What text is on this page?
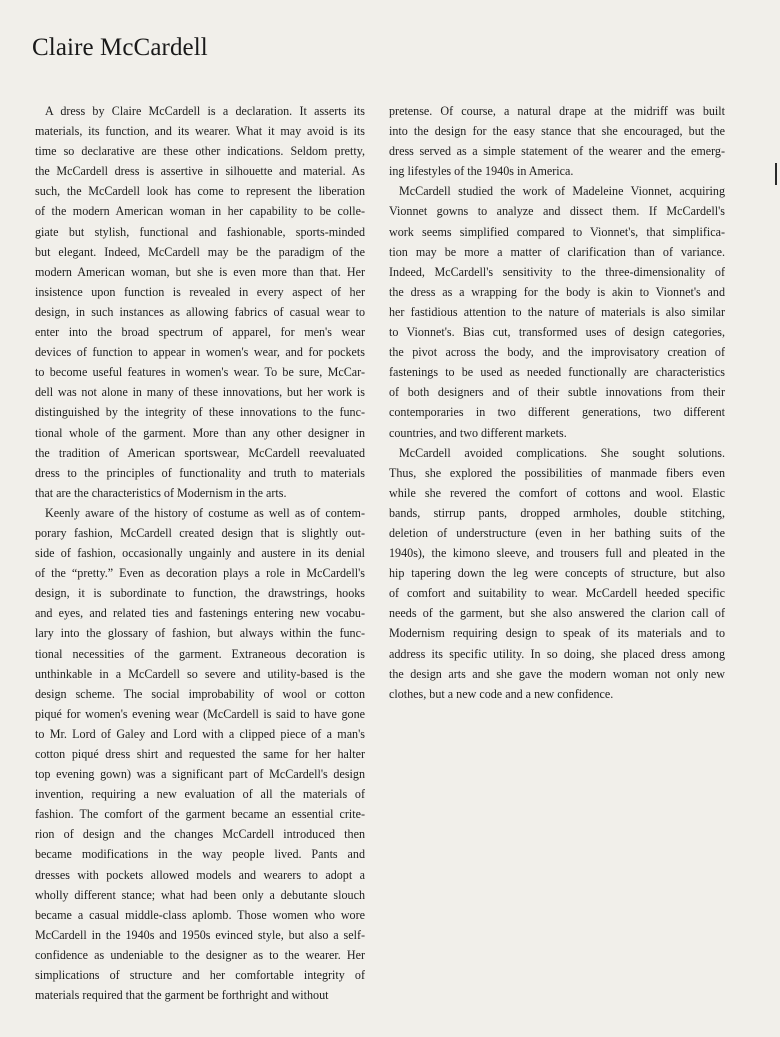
Claire McCardell
A dress by Claire McCardell is a declaration. It asserts its
materials, its function, and its wearer. What it may avoid is its
time so declarative are these other indications. Seldom pretty,
the McCardell dress is assertive in silhouette and material. As
such, the McCardell look has come to represent the liberation
of the modern American woman in her capability to be colle-
giate but stylish, functional and fashionable, sports-minded
but elegant. Indeed, McCardell may be the paradigm of the
modern American woman, but she is even more than that. Her
insistence upon function is revealed in every aspect of her
design, in such instances as allowing fabrics of casual wear to
enter into the broad spectrum of apparel, for men's wear
devices of function to appear in women's wear, and for pockets
to become useful features in women's wear. To be sure, McCar-
dell was not alone in many of these innovations, but her work is
distinguished by the integrity of these innovations to the func-
tional whole of the garment. More than any other designer in
the tradition of American sportswear, McCardell reevaluated
dress to the principles of functionality and truth to materials
that are the characteristics of Modernism in the arts.
Keenly aware of the history of costume as well as of contem-
porary fashion, McCardell created design that is slightly out-
side of fashion, occasionally ungainly and austere in its denial
of the “pretty.” Even as decoration plays a role in McCardell's
design, it is subordinate to function, the drawstrings, hooks
and eyes, and related ties and fastenings entering new vocabu-
lary into the glossary of fashion, but always within the func-
tional necessities of the garment. Extraneous decoration is
unthinkable in a McCardell so severe and utility-based is the
design scheme. The social improbability of wool or cotton
piqué for women's evening wear (McCardell is said to have gone
to Mr. Lord of Galey and Lord with a clipped piece of a man's
cotton piqué dress shirt and requested the same for her halter
top evening gown) was a significant part of McCardell's design
invention, requiring a new evaluation of all the materials of
fashion. The comfort of the garment became an essential crite-
rion of design and the changes McCardell introduced then
became modifications in the way people lived. Pants and
dresses with pockets allowed models and wearers to adopt a
wholly different stance; what had been only a debutante slouch
became a casual middle-class aplomb. Those women who wore
McCardell in the 1940s and 1950s evinced style, but also a self-
confidence as undeniable to the designer as to the wearer. Her
simplications of structure and her comfortable integrity of
materials required that the garment be forthright and without
pretense. Of course, a natural drape at the midriff was built
into the design for the easy stance that she encouraged, but the
dress served as a simple statement of the wearer and the emerg-
ing lifestyles of the 1940s in America.
McCardell studied the work of Madeleine Vionnet, acquiring
Vionnet gowns to analyze and dissect them. If McCardell's
work seems simplified compared to Vionnet's, that simplifica-
tion may be more a matter of clarification than of variance.
Indeed, McCardell's sensitivity to the three-dimensionality of
the dress as a wrapping for the body is akin to Vionnet's and
her fastidious attention to the nature of materials is also similar
to Vionnet's. Bias cut, transformed uses of design categories,
the pivot across the body, and the improvisatory creation of
fastenings to be used as needed functionally are characteristics
of both designers and of their subtle innovations from their
contemporaries in two different generations, two different
countries, and two different markets.
McCardell avoided complications. She sought solutions.
Thus, she explored the possibilities of manmade fibers even
while she revered the comfort of cottons and wool. Elastic
bands, stirrup pants, dropped armholes, double stitching,
deletion of understructure (even in her bathing suits of the
1940s), the kimono sleeve, and trousers full and pleated in the
hip tapering down the leg were concepts of structure, but also
of comfort and suitability to wear. McCardell heeded specific
needs of the garment, but she also answered the clarion call of
Modernism requiring design to speak of its materials and to
address its specific utility. In so doing, she placed dress among
the design arts and she gave the modern woman not only new
clothes, but a new code and a new confidence.
